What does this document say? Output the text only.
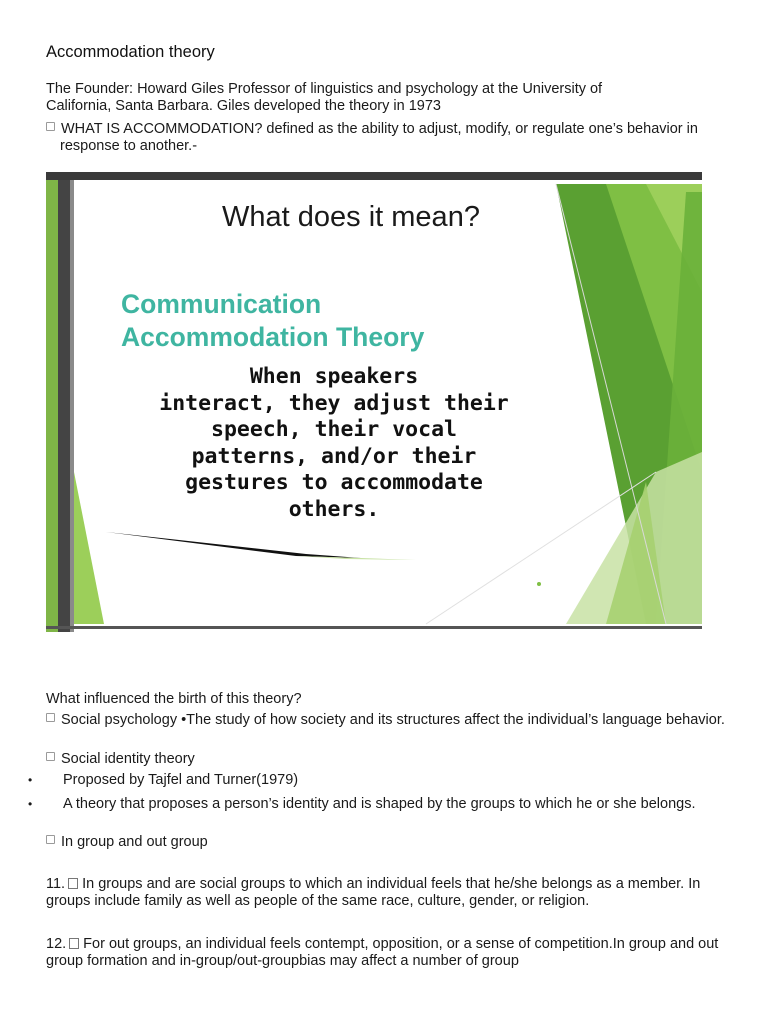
Accommodation theory
The Founder: Howard Giles Professor of linguistics and psychology at the University of
California, Santa Barbara. Giles developed the theory in 1973
WHAT IS ACCOMMODATION? defined as the ability to adjust, modify, or regulate one’s behavior in response to another.-
What does it mean?
Communication
Accommodation Theory
When speakers
interact, they adjust their
speech, their vocal
patterns, and/or their
gestures to accommodate
others.
What influenced the birth of this theory?
Social psychology •The study of how society and its structures affect the individual’s language behavior.
Social identity theory
• Proposed by Tajfel and Turner(1979)
• A theory that proposes a person’s identity and is shaped by the groups to which he or she belongs.
In group and out group
11. In groups and are social groups to which an individual feels that he/she belongs as a member. In groups include family as well as people of the same race, culture, gender, or religion.
12. For out groups, an individual feels contempt, opposition, or a sense of competition.In group and out group formation and in-group/out-groupbias may affect a number of group
